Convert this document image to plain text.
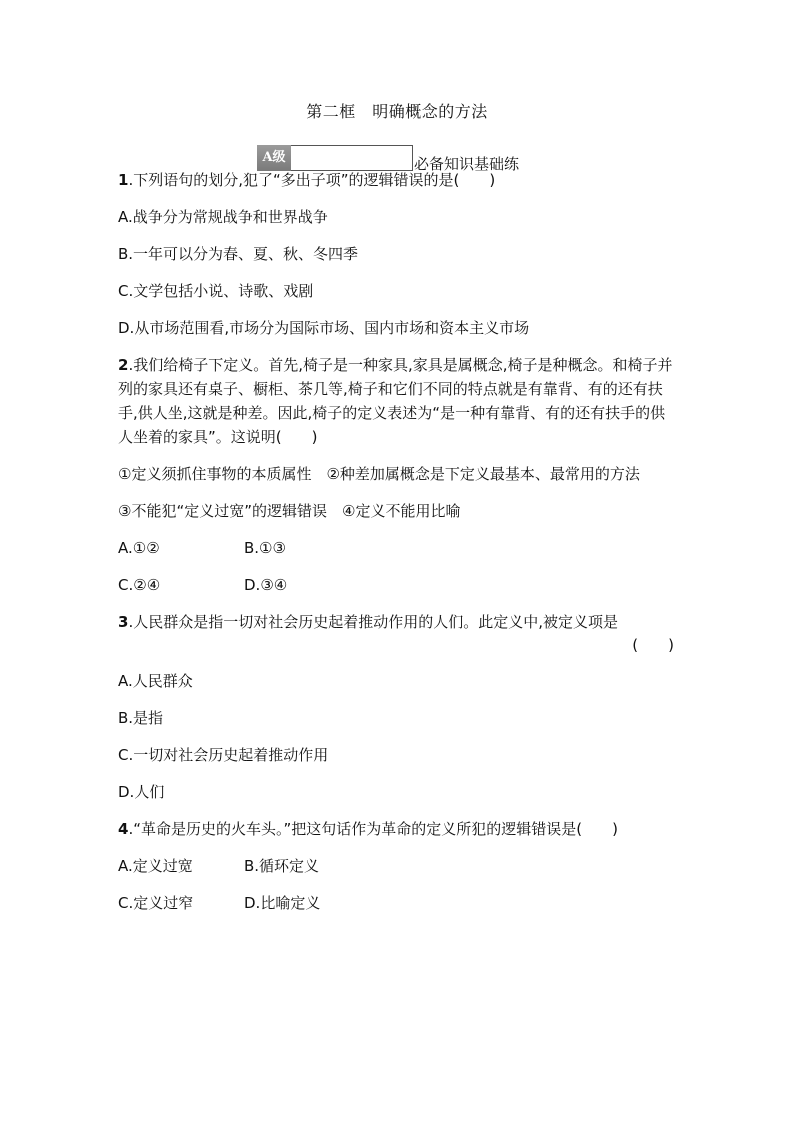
第二框　明确概念的方法
A级	必备知识基础练
1.下列语句的划分,犯了“多出子项”的逻辑错误的是(　　)
A.战争分为常规战争和世界战争
B.一年可以分为春、夏、秋、冬四季
C.文学包括小说、诗歌、戏剧
D.从市场范围看,市场分为国际市场、国内市场和资本主义市场
2.我们给椅子下定义。首先,椅子是一种家具,家具是属概念,椅子是种概念。和椅子并列的家具还有桌子、橱柜、茶几等,椅子和它们不同的特点就是有靠背、有的还有扶手,供人坐,这就是种差。因此,椅子的定义表述为“是一种有靠背、有的还有扶手的供人坐着的家具”。这说明(　　)
①定义须抓住事物的本质属性　②种差加属概念是下定义最基本、最常用的方法
③不能犯“定义过宽”的逻辑错误　④定义不能用比喻
A.①②	B.①③
C.②④	D.③④
3.人民群众是指一切对社会历史起着推动作用的人们。此定义中,被定义项是
(　　)
A.人民群众
B.是指
C.一切对社会历史起着推动作用
D.人们
4.“革命是历史的火车头。”把这句话作为革命的定义所犯的逻辑错误是(　　)
A.定义过宽	B.循环定义
C.定义过窄	D.比喻定义
